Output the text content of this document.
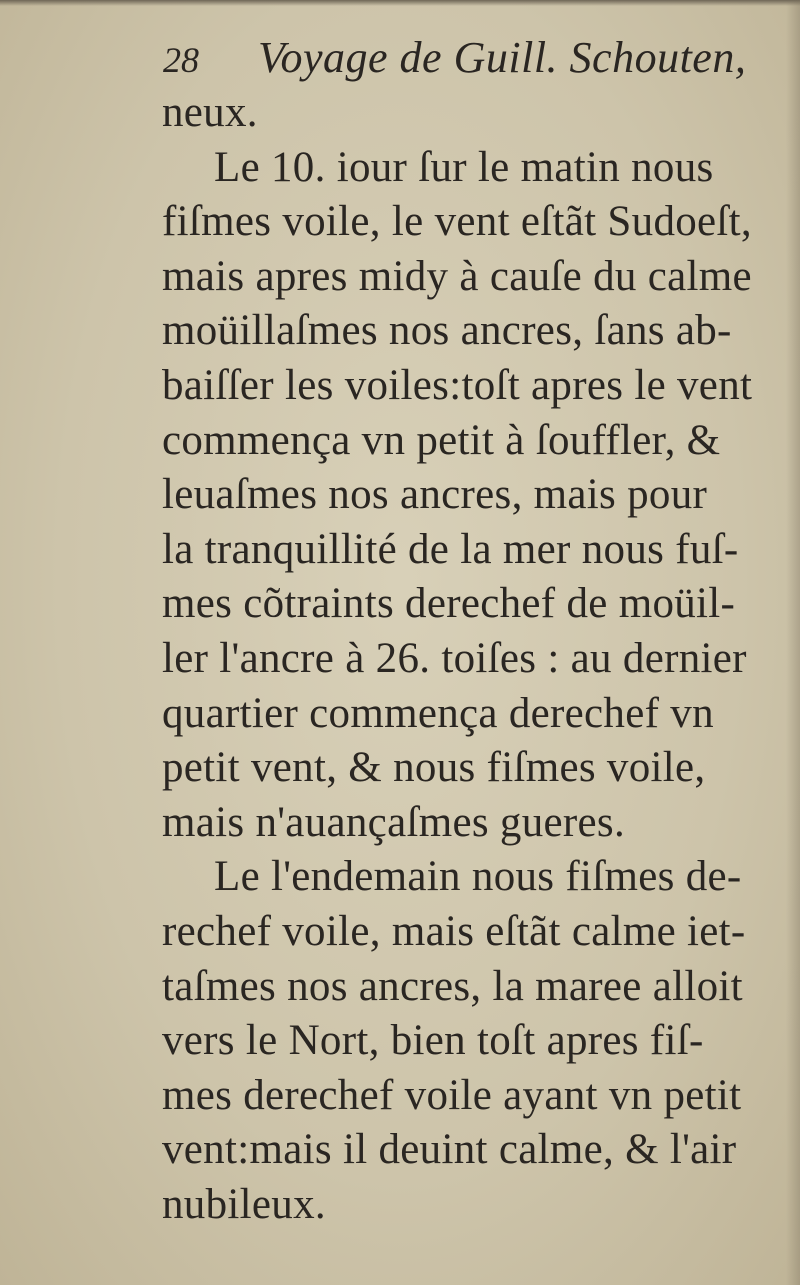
28 Voyage de Guill. Schouten,
neux.
Le 10. iour ſur le matin nous
fiſmes voile, le vent eſtãt Sudoeſt,
mais apres midy à cauſe du calme
moüillaſmes nos ancres, ſans ab-
baiſſer les voiles:toſt apres le vent
commença vn petit à ſouffler, &
leuaſmes nos ancres, mais pour
la tranquillité de la mer nous fuſ-
mes cõtraints derechef de moüil-
ler l'ancre à 26. toiſes : au dernier
quartier commença derechef vn
petit vent, & nous fiſmes voile,
mais n'auançaſmes gueres.
Le l'endemain nous fiſmes de-
rechef voile, mais eſtãt calme iet-
taſmes nos ancres, la maree alloit
vers le Nort, bien toſt apres fiſ-
mes derechef voile ayant vn petit
vent:mais il deuint calme, & l'air
nubileux.
